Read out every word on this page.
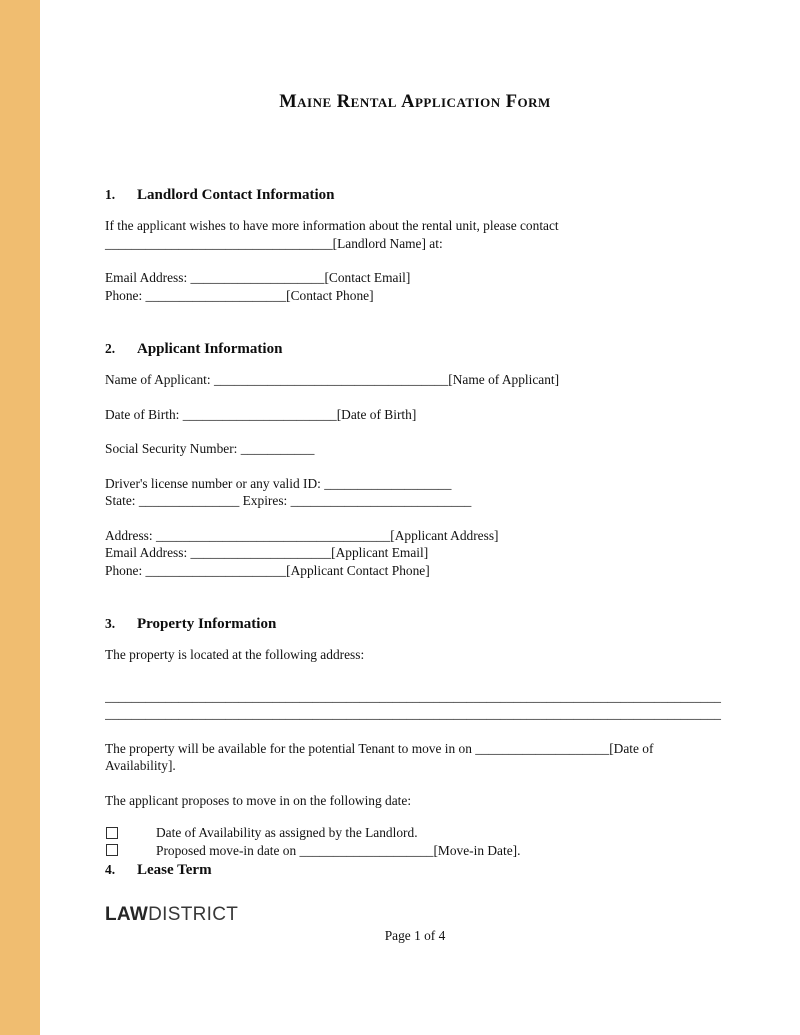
Maine Rental Application Form
1.	Landlord Contact Information

If the applicant wishes to have more information about the rental unit, please contact
__________________________________[Landlord Name] at:

Email Address: ____________________[Contact Email]
Phone: _____________________[Contact Phone]

2.	Applicant Information

Name of Applicant: ___________________________________[Name of Applicant]

Date of Birth: _______________________[Date of Birth]

Social Security Number: ___________

Driver's license number or any valid ID: ___________________
State: _______________ Expires: ___________________________

Address: ___________________________________[Applicant Address]
Email Address: _____________________[Applicant Email]
Phone: _____________________[Applicant Contact Phone]

3.	Property Information

The property is located at the following address:

____________________________________________________________________________________________
____________________________________________________________________________________________

The property will be available for the potential Tenant to move in on ____________________[Date of Availability].

The applicant proposes to move in on the following date:

Date of Availability as assigned by the Landlord.
Proposed move-in date on ____________________[Move-in Date].
4.	Lease Term
LAWDISTRICT
Page 1 of 4
